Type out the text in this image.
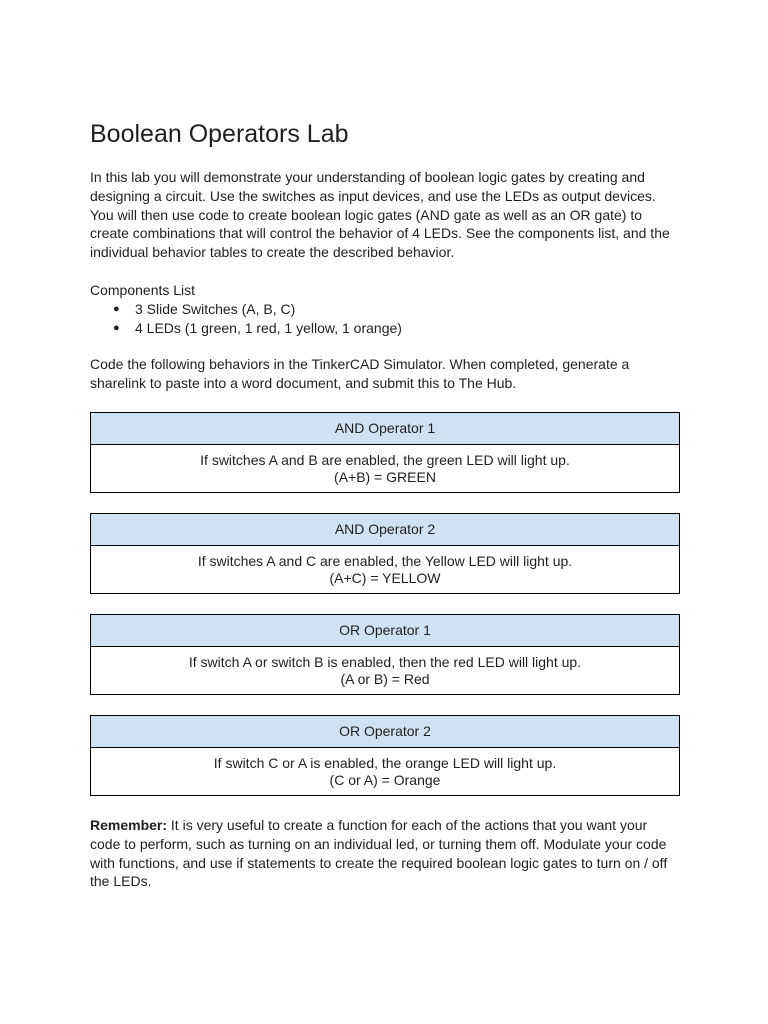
Boolean Operators Lab

In this lab you will demonstrate your understanding of boolean logic gates by creating and designing a circuit. Use the switches as input devices, and use the LEDs as output devices. You will then use code to create boolean logic gates (AND gate as well as an OR gate) to create combinations that will control the behavior of 4 LEDs. See the components list, and the individual behavior tables to create the described behavior.

Components List

● 3 Slide Switches (A, B, C)
● 4 LEDs (1 green, 1 red, 1 yellow, 1 orange)

Code the following behaviors in the TinkerCAD Simulator. When completed, generate a sharelink to paste into a word document, and submit this to The Hub.

AND Operator 1
If switches A and B are enabled, the green LED will light up.
(A+B) = GREEN
AND Operator 2
If switches A and C are enabled, the Yellow LED will light up.
(A+C) = YELLOW
OR Operator 1
If switch A or switch B is enabled, then the red LED will light up.
(A or B) = Red
OR Operator 2
If switch C or A is enabled, the orange LED will light up.
(C or A) = Orange

Remember: It is very useful to create a function for each of the actions that you want your code to perform, such as turning on an individual led, or turning them off. Modulate your code with functions, and use if statements to create the required boolean logic gates to turn on / off the LEDs.
